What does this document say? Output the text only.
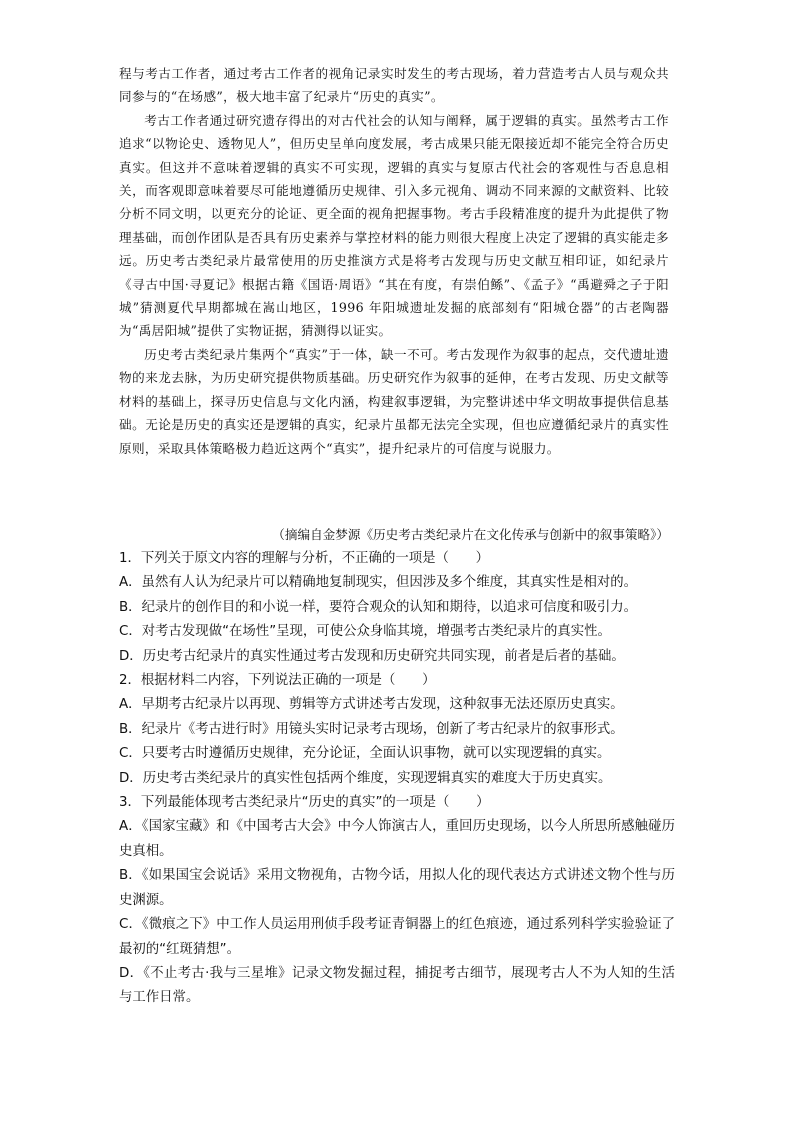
程与考古工作者，通过考古工作者的视角记录实时发生的考古现场，着力营造考古人员与观众共同参与的“在场感”，极大地丰富了纪录片“历史的真实”。

考古工作者通过研究遗存得出的对古代社会的认知与阐释，属于逻辑的真实。虽然考古工作追求“以物论史、透物见人”，但历史呈单向度发展，考古成果只能无限接近却不能完全符合历史真实。但这并不意味着逻辑的真实不可实现，逻辑的真实与复原古代社会的客观性与否息息相关，而客观即意味着要尽可能地遵循历史规律、引入多元视角、调动不同来源的文献资料、比较分析不同文明，以更充分的论证、更全面的视角把握事物。考古手段精准度的提升为此提供了物理基础，而创作团队是否具有历史素养与掌控材料的能力则很大程度上决定了逻辑的真实能走多远。历史考古类纪录片最常使用的历史推演方式是将考古发现与历史文献互相印证，如纪录片《寻古中国·寻夏记》根据古籍《国语·周语》“其在有度，有崇伯鲧”、《孟子》“禹避舜之子于阳城”猜测夏代早期都城在嵩山地区，1996 年阳城遗址发掘的底部刻有“阳城仓器”的古老陶器为“禹居阳城”提供了实物证据，猜测得以证实。

历史考古类纪录片集两个“真实”于一体，缺一不可。考古发现作为叙事的起点，交代遗址遗物的来龙去脉，为历史研究提供物质基础。历史研究作为叙事的延伸，在考古发现、历史文献等材料的基础上，探寻历史信息与文化内涵，构建叙事逻辑，为完整讲述中华文明故事提供信息基础。无论是历史的真实还是逻辑的真实，纪录片虽都无法完全实现，但也应遵循纪录片的真实性原则，采取具体策略极力趋近这两个“真实”，提升纪录片的可信度与说服力。

（摘编自金梦源《历史考古类纪录片在文化传承与创新中的叙事策略》）

1．下列关于原文内容的理解与分析，不正确的一项是（　　）

A．虽然有人认为纪录片可以精确地复制现实，但因涉及多个维度，其真实性是相对的。

B．纪录片的创作目的和小说一样，要符合观众的认知和期待，以追求可信度和吸引力。

C．对考古发现做“在场性”呈现，可使公众身临其境，增强考古类纪录片的真实性。

D．历史考古纪录片的真实性通过考古发现和历史研究共同实现，前者是后者的基础。

2．根据材料二内容，下列说法正确的一项是（　　）

A．早期考古纪录片以再现、剪辑等方式讲述考古发现，这种叙事无法还原历史真实。

B．纪录片《考古进行时》用镜头实时记录考古现场，创新了考古纪录片的叙事形式。

C．只要考古时遵循历史规律，充分论证，全面认识事物，就可以实现逻辑的真实。

D．历史考古类纪录片的真实性包括两个维度，实现逻辑真实的难度大于历史真实。

3．下列最能体现考古类纪录片“历史的真实”的一项是（　　）

A．《国家宝藏》和《中国考古大会》中今人饰演古人，重回历史现场，以今人所思所感触碰历史真相。

B．《如果国宝会说话》采用文物视角，古物今话，用拟人化的现代表达方式讲述文物个性与历史渊源。

C．《微痕之下》中工作人员运用刑侦手段考证青铜器上的红色痕迹，通过系列科学实验验证了最初的“红斑猜想”。

D．《不止考古·我与三星堆》记录文物发掘过程，捕捉考古细节，展现考古人不为人知的生活与工作日常。
